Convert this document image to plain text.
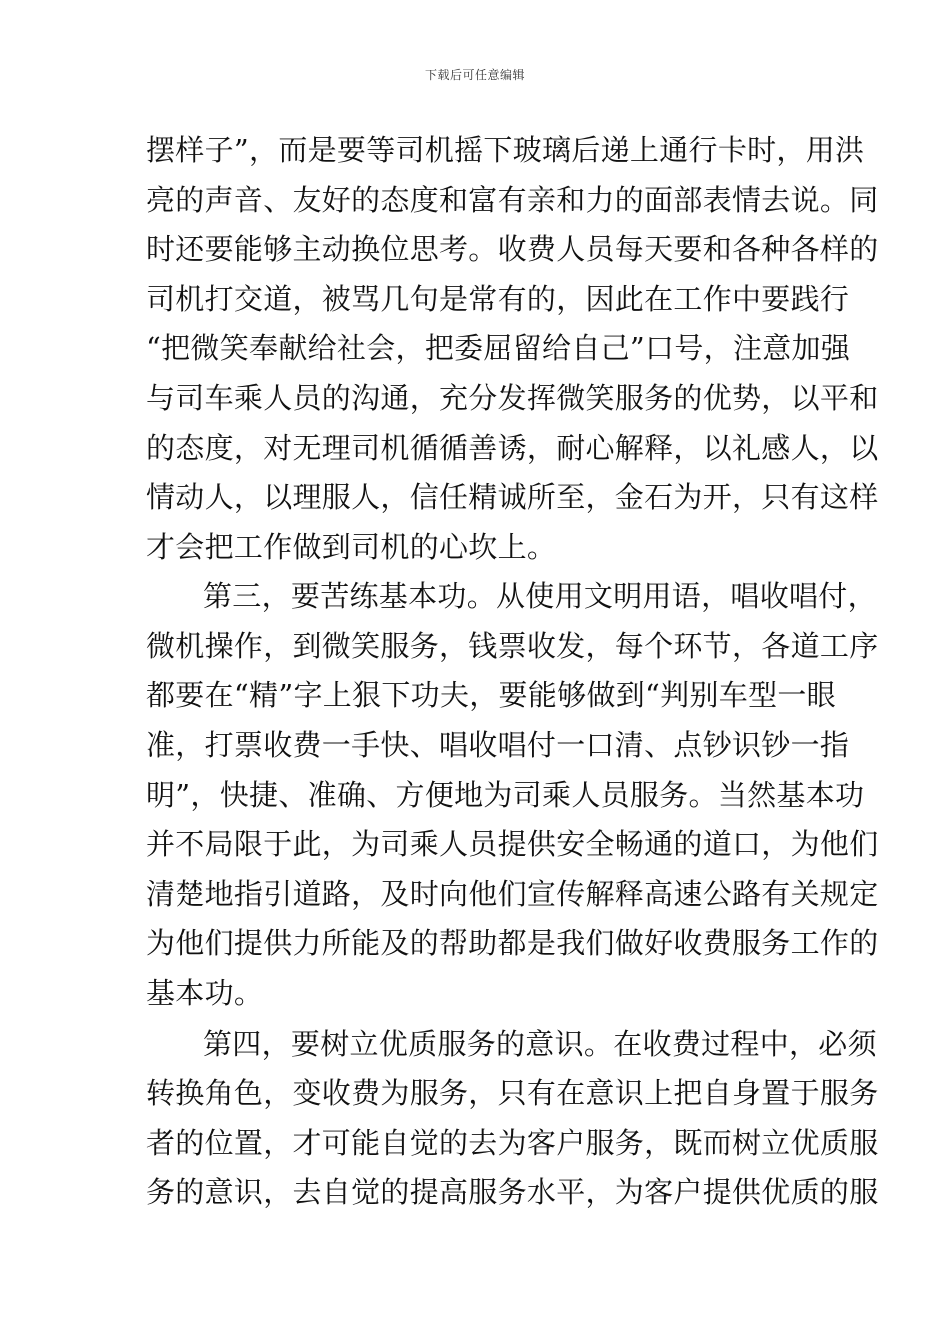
下载后可任意编辑
摆样子”，而是要等司机摇下玻璃后递上通行卡时，用洪
亮的声音、友好的态度和富有亲和力的面部表情去说。同
时还要能够主动换位思考。收费人员每天要和各种各样的
司机打交道，被骂几句是常有的，因此在工作中要践行
“把微笑奉献给社会，把委屈留给自己”口号，注意加强
与司车乘人员的沟通，充分发挥微笑服务的优势，以平和
的态度，对无理司机循循善诱，耐心解释，以礼感人，以
情动人，以理服人，信任精诚所至，金石为开，只有这样
才会把工作做到司机的心坎上。
第三，要苦练基本功。从使用文明用语，唱收唱付，
微机操作，到微笑服务，钱票收发，每个环节，各道工序
都要在“精”字上狠下功夫，要能够做到“判别车型一眼
准，打票收费一手快、唱收唱付一口清、点钞识钞一指
明”，快捷、准确、方便地为司乘人员服务。当然基本功
并不局限于此，为司乘人员提供安全畅通的道口，为他们
清楚地指引道路，及时向他们宣传解释高速公路有关规定
为他们提供力所能及的帮助都是我们做好收费服务工作的
基本功。
第四，要树立优质服务的意识。在收费过程中，必须
转换角色，变收费为服务，只有在意识上把自身置于服务
者的位置，才可能自觉的去为客户服务，既而树立优质服
务的意识，去自觉的提高服务水平，为客户提供优质的服
